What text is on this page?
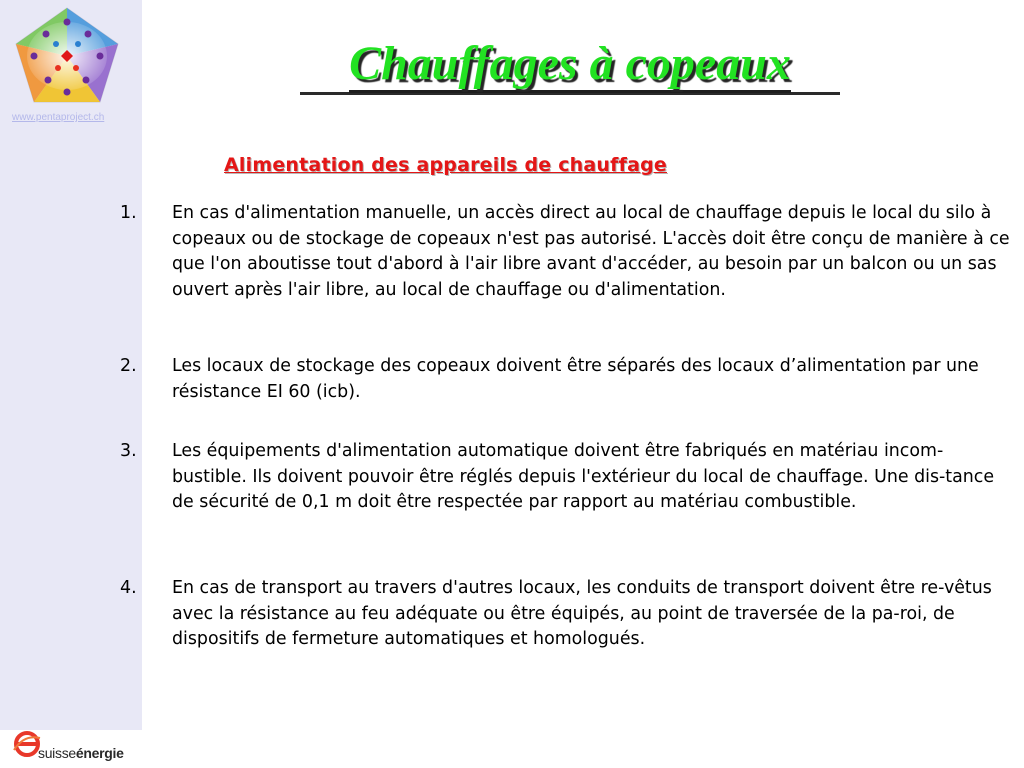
www.pentaproject.ch
Chauffages à copeaux
Alimentation des appareils de chauffage
1.	En cas d'alimentation manuelle, un accès direct au local de chauffage depuis le local du silo à copeaux ou de stockage de copeaux n'est pas autorisé. L'accès doit être conçu de manière à ce que l'on aboutisse tout d'abord à l'air libre avant d'accéder, au besoin par un balcon ou un sas ouvert après l'air libre, au local de chauffage ou d'alimentation.
2.	Les locaux de stockage des copeaux doivent être séparés des locaux d’alimentation par une résistance EI 60 (icb).
3.	Les équipements d'alimentation automatique doivent être fabriqués en matériau incom-bustible. Ils doivent pouvoir être réglés depuis l'extérieur du local de chauffage. Une dis-tance de sécurité de 0,1 m doit être respectée par rapport au matériau combustible.
4.	En cas de transport au travers d'autres locaux, les conduits de transport doivent être re-vêtus avec la résistance au feu adéquate ou être équipés, au point de traversée de la pa-roi, de dispositifs de fermeture automatiques et homologués.
suisseénergie
